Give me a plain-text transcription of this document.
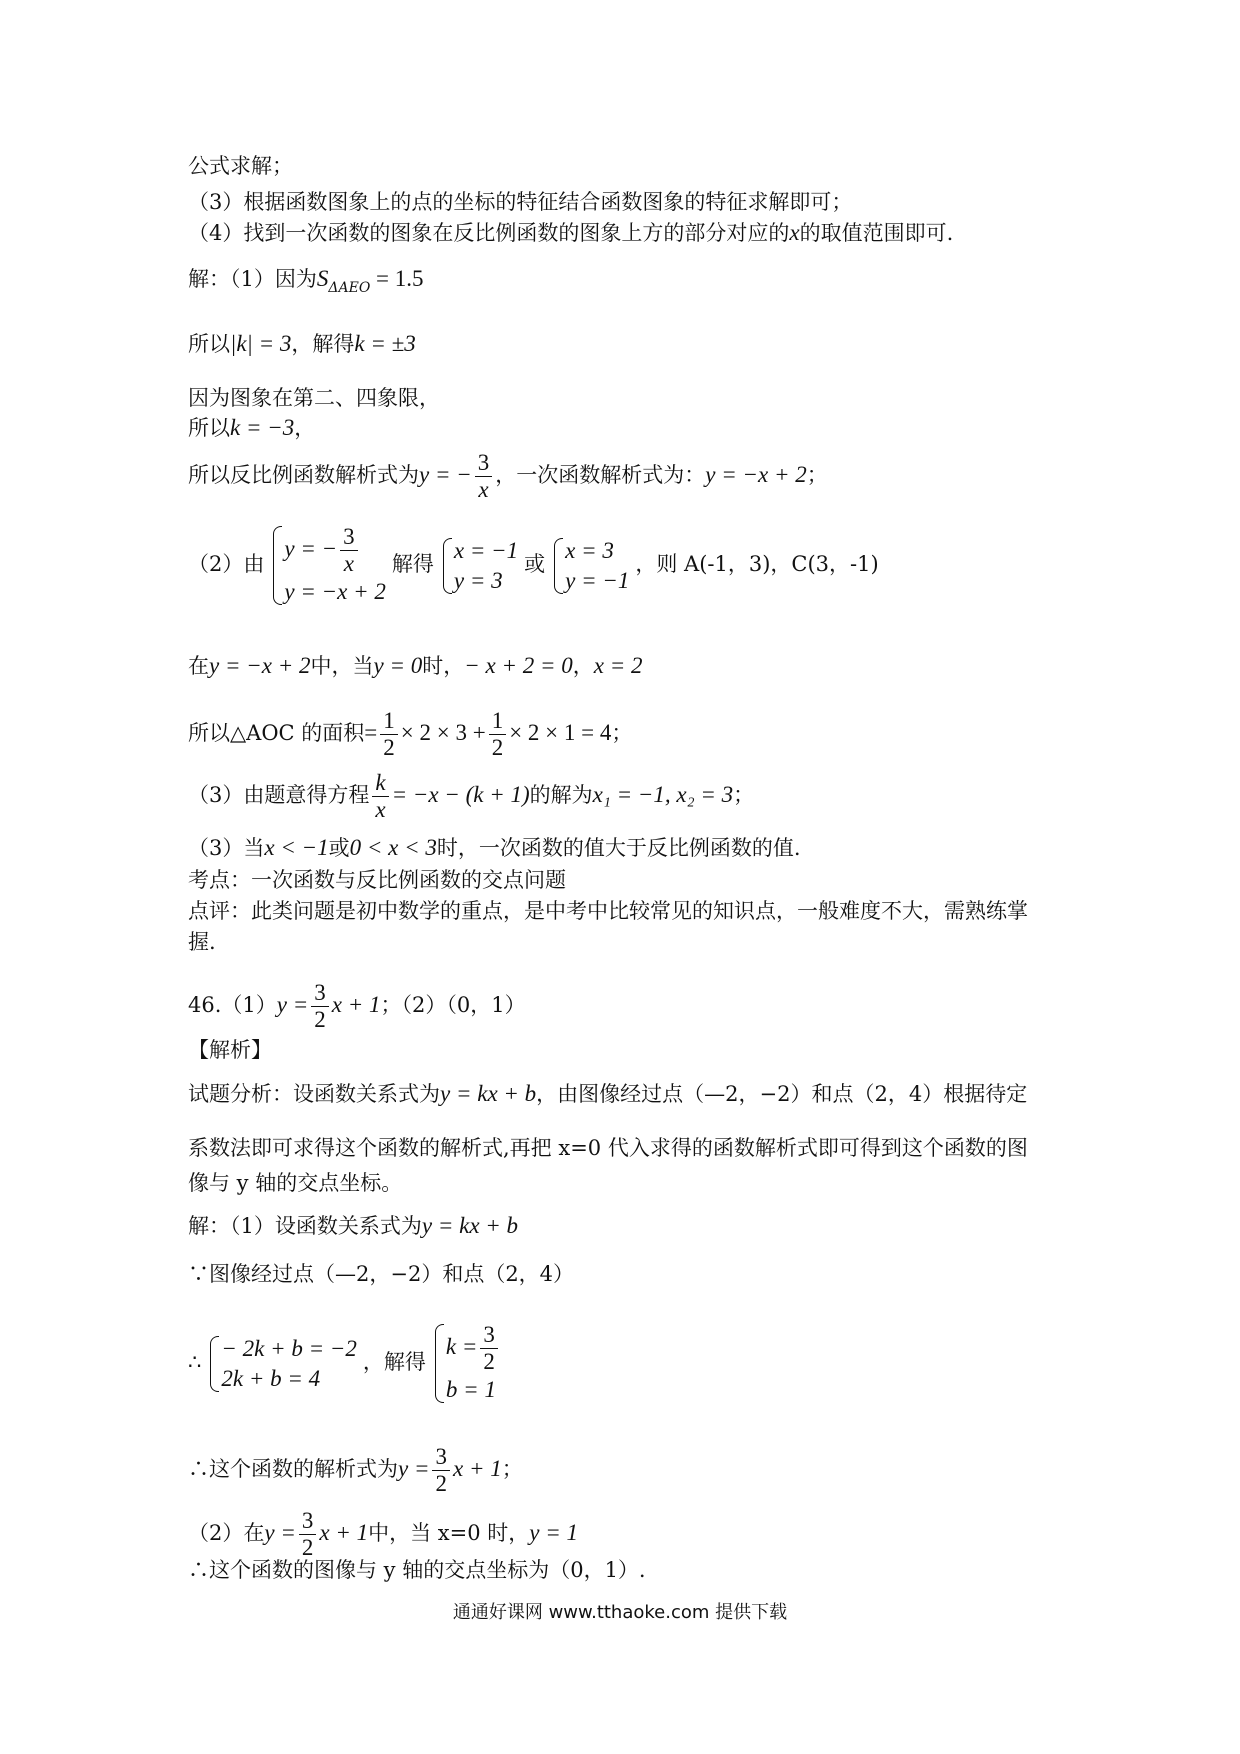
公式求解；
（3）根据函数图象上的点的坐标的特征结合函数图象的特征求解即可；
（4）找到一次函数的图象在反比例函数的图象上方的部分对应的x的取值范围即可.
解：（1）因为$S_{\Delta AEO} = 1.5$
所以|k| = 3，解得k = ±3
因为图象在第二、四象限，
所以k = −3，
所以反比例函数解析式为y = − $\frac{3}{x}$ ，一次函数解析式为：y = −x + 2；
（2）由
y = − $\frac{3}{x}$
y = −x + 2
解得
x = −1
y = 3
或
x = 3
y = −1
，则 A(-1，3)，C(3，-1)
在y = −x + 2中，当y = 0时，− x + 2 = 0，x = 2
所以△AOC 的面积= $\frac{1}{2} \times 2 \times 3 + \frac{1}{2} \times 2 \times 1 = 4$；
（3）由题意得方程 $\frac{k}{x} = -x - (k + 1)$的解为x₁ = −1, x₂ = 3；
（3）当x < −1或0 < x < 3时，一次函数的值大于反比例函数的值.
考点：一次函数与反比例函数的交点问题
点评：此类问题是初中数学的重点，是中考中比较常见的知识点，一般难度不大，需熟练掌
握.
$46.(1)y = \frac{3}{2}$ x + 1；（2）（0，1）
【解析】
试题分析：设函数关系式为y = kx + b，由图像经过点（—2，−2）和点（2，4）根据待定
系数法即可求得这个函数的解析式,再把 x=0 代入求得的函数解析式即可得到这个函数的图
像与 y 轴的交点坐标。
解：（1）设函数关系式为y = kx + b
∵图像经过点（—2，−2）和点（2，4）
∴
− 2k + b = −2
2k + b = 4
，解得
$k = \frac{3}{2}$
b = 1
∴这个函数的解析式为$y = \frac{3}{2}$ x + 1；
（2）在$y = \frac{3}{2}$ x + 1中，当 x=0 时，y = 1
∴这个函数的图像与 y 轴的交点坐标为（0，1）.
通通好课网 www.tthaoke.com 提供下载
